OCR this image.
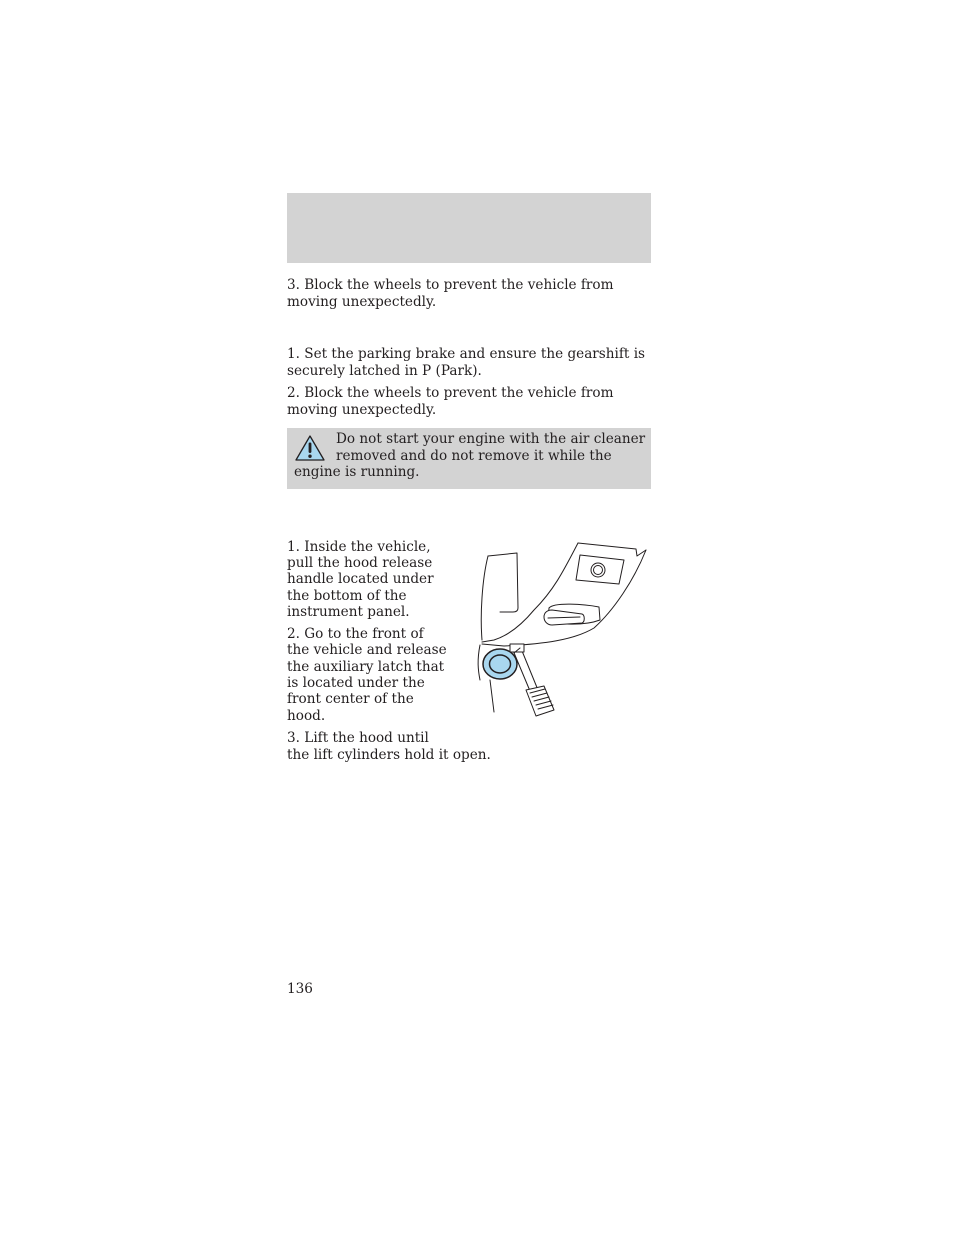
3. Block the wheels to prevent the vehicle from

moving unexpectedly.

1. Set the parking brake and ensure the gearshift is

securely latched in P (Park).

2. Block the wheels to prevent the vehicle from

moving unexpectedly.

Do not start your engine with the air cleaner

removed and do not remove it while the

engine is running.

1. Inside the vehicle,

pull the hood release

handle located under

the bottom of the

instrument panel.

2. Go to the front of

the vehicle and release

the auxiliary latch that

is located under the

front center of the

hood.

3. Lift the hood until

the lift cylinders hold it open.

136
